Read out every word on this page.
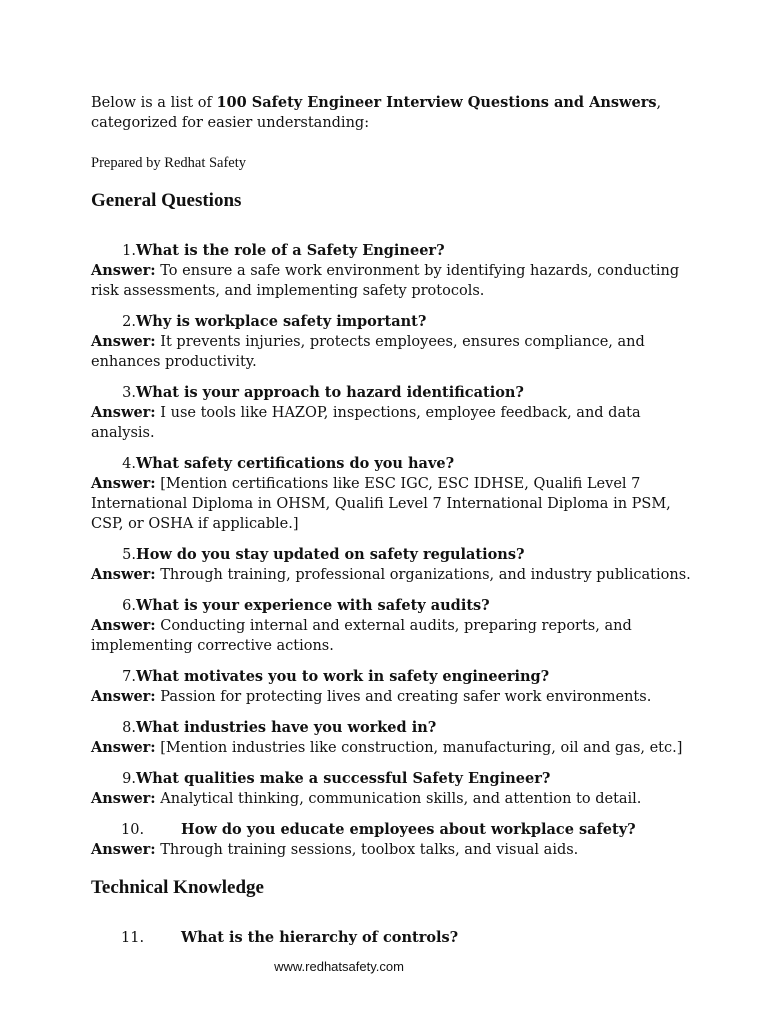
Below is a list of 100 Safety Engineer Interview Questions and Answers,
categorized for easier understanding:

Prepared by Redhat Safety

General Questions
1.What is the role of a Safety Engineer?
Answer: To ensure a safe work environment by identifying hazards, conducting risk assessments, and implementing safety protocols.
2.Why is workplace safety important?
Answer: It prevents injuries, protects employees, ensures compliance, and enhances productivity.
3.What is your approach to hazard identification?
Answer: I use tools like HAZOP, inspections, employee feedback, and data analysis.
4.What safety certifications do you have?
Answer: [Mention certifications like ESC IGC, ESC IDHSE, Qualifi Level 7 International Diploma in OHSM, Qualifi Level 7 International Diploma in PSM, CSP, or OSHA if applicable.]
5.How do you stay updated on safety regulations?
Answer: Through training, professional organizations, and industry publications.
6.What is your experience with safety audits?
Answer: Conducting internal and external audits, preparing reports, and implementing corrective actions.
7.What motivates you to work in safety engineering?
Answer: Passion for protecting lives and creating safer work environments.
8.What industries have you worked in?
Answer: [Mention industries like construction, manufacturing, oil and gas, etc.]
9.What qualities make a successful Safety Engineer?
Answer: Analytical thinking, communication skills, and attention to detail.
10.	How do you educate employees about workplace safety?
Answer: Through training sessions, toolbox talks, and visual aids.
Technical Knowledge
11.	What is the hierarchy of controls?
www.redhatsafety.com
